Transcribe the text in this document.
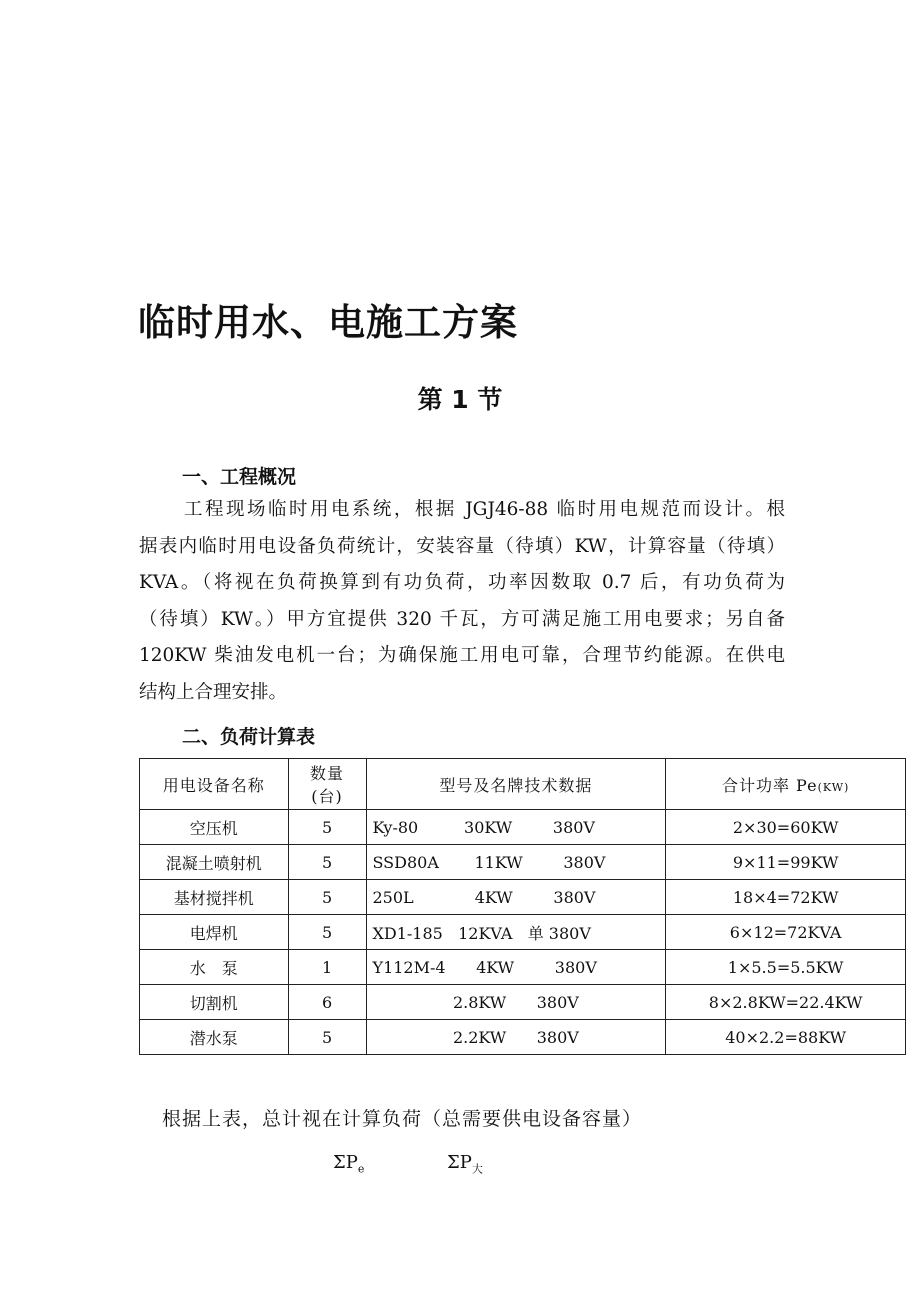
临时用水、电施工方案
第 1 节
一、工程概况
工程现场临时用电系统，根据 JGJ46-88 临时用电规范而设计。根
据表内临时用电设备负荷统计，安装容量（待填）KW，计算容量（待填）
KVA。（将视在负荷换算到有功负荷，功率因数取 0.7 后，有功负荷为
（待填）KW。）甲方宜提供 320 千瓦，方可满足施工用电要求；另自备
120KW 柴油发电机一台；为确保施工用电可靠，合理节约能源。在供电
结构上合理安排。
二、负荷计算表
用电设备名称	数量(台)	型号及名牌技术数据	合计功率 Pe(KW)
空压机	5	Ky-80         30KW        380V	2×30=60KW
混凝土喷射机	5	SSD80A       11KW        380V	9×11=99KW
基材搅拌机	5	250L            4KW        380V	18×4=72KW
电焊机	5	XD1-185   12KVA   单 380V	6×12=72KVA
水　泵	1	Y112M-4      4KW        380V	1×5.5=5.5KW
切割机	6	2.8KW      380V	8×2.8KW=22.4KW
潜水泵	5	2.2KW      380V	40×2.2=88KW
根据上表，总计视在计算负荷（总需要供电设备容量）
$\Sigma P_e$	$\Sigma P_大$
